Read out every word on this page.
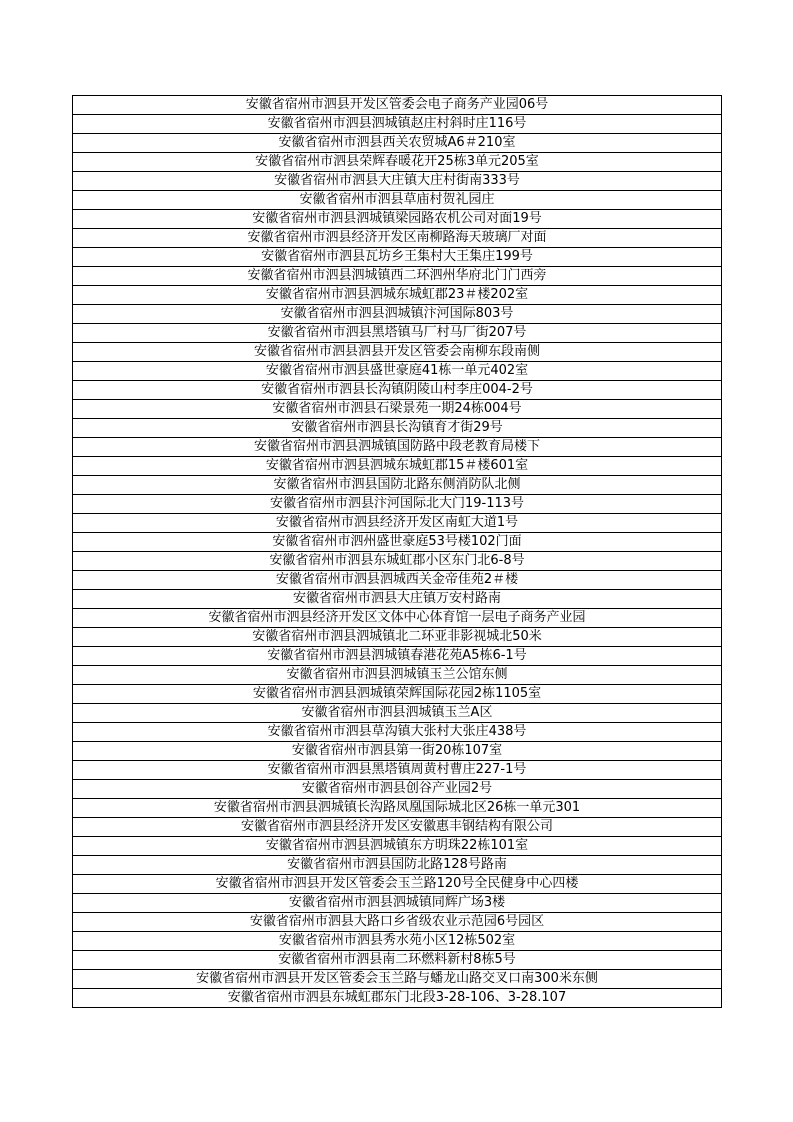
安徽省宿州市泗县开发区管委会电子商务产业园06号
安徽省宿州市泗县泗城镇赵庄村斜时庄116号
安徽省宿州市泗县西关农贸城A6＃210室
安徽省宿州市泗县荣辉春暖花开25栋3单元205室
安徽省宿州市泗县大庄镇大庄村街南333号
安徽省宿州市泗县草庙村贺礼园庄
安徽省宿州市泗县泗城镇梁园路农机公司对面19号
安徽省宿州市泗县经济开发区南柳路海天玻璃厂对面
安徽省宿州市泗县瓦坊乡王集村大王集庄199号
安徽省宿州市泗县泗城镇西二环泗州华府北门门西旁
安徽省宿州市泗县泗城东城虹郡23＃楼202室
安徽省宿州市泗县泗城镇汴河国际803号
安徽省宿州市泗县黑塔镇马厂村马厂街207号
安徽省宿州市泗县泗县开发区管委会南柳东段南侧
安徽省宿州市泗县盛世豪庭41栋一单元402室
安徽省宿州市泗县长沟镇阴陵山村李庄004-2号
安徽省宿州市泗县石梁景苑一期24栋004号
安徽省宿州市泗县长沟镇育才街29号
安徽省宿州市泗县泗城镇国防路中段老教育局楼下
安徽省宿州市泗县泗城东城虹郡15＃楼601室
安徽省宿州市泗县国防北路东侧消防队北侧
安徽省宿州市泗县汴河国际北大门19-113号
安徽省宿州市泗县经济开发区南虹大道1号
安徽省宿州市泗州盛世豪庭53号楼102门面
安徽省宿州市泗县东城虹郡小区东门北6-8号
安徽省宿州市泗县泗城西关金帝佳苑2＃楼
安徽省宿州市泗县大庄镇万安村路南
安徽省宿州市泗县经济开发区文体中心体育馆一层电子商务产业园
安徽省宿州市泗县泗城镇北二环亚非影视城北50米
安徽省宿州市泗县泗城镇春港花苑A5栋6-1号
安徽省宿州市泗县泗城镇玉兰公馆东侧
安徽省宿州市泗县泗城镇荣辉国际花园2栋1105室
安徽省宿州市泗县泗城镇玉兰A区
安徽省宿州市泗县草沟镇大张村大张庄438号
安徽省宿州市泗县第一街20栋107室
安徽省宿州市泗县黑塔镇周黄村曹庄227-1号
安徽省宿州市泗县创谷产业园2号
安徽省宿州市泗县泗城镇长沟路凤凰国际城北区26栋一单元301
安徽省宿州市泗县经济开发区安徽惠丰钢结构有限公司
安徽省宿州市泗县泗城镇东方明珠22栋101室
安徽省宿州市泗县国防北路128号路南
安徽省宿州市泗县开发区管委会玉兰路120号全民健身中心四楼
安徽省宿州市泗县泗城镇同辉广场3楼
安徽省宿州市泗县大路口乡省级农业示范园6号园区
安徽省宿州市泗县秀水苑小区12栋502室
安徽省宿州市泗县南二环燃料新村8栋5号
安徽省宿州市泗县开发区管委会玉兰路与蟠龙山路交叉口南300米东侧
安徽省宿州市泗县东城虹郡东门北段3-28-106、3-28.107
